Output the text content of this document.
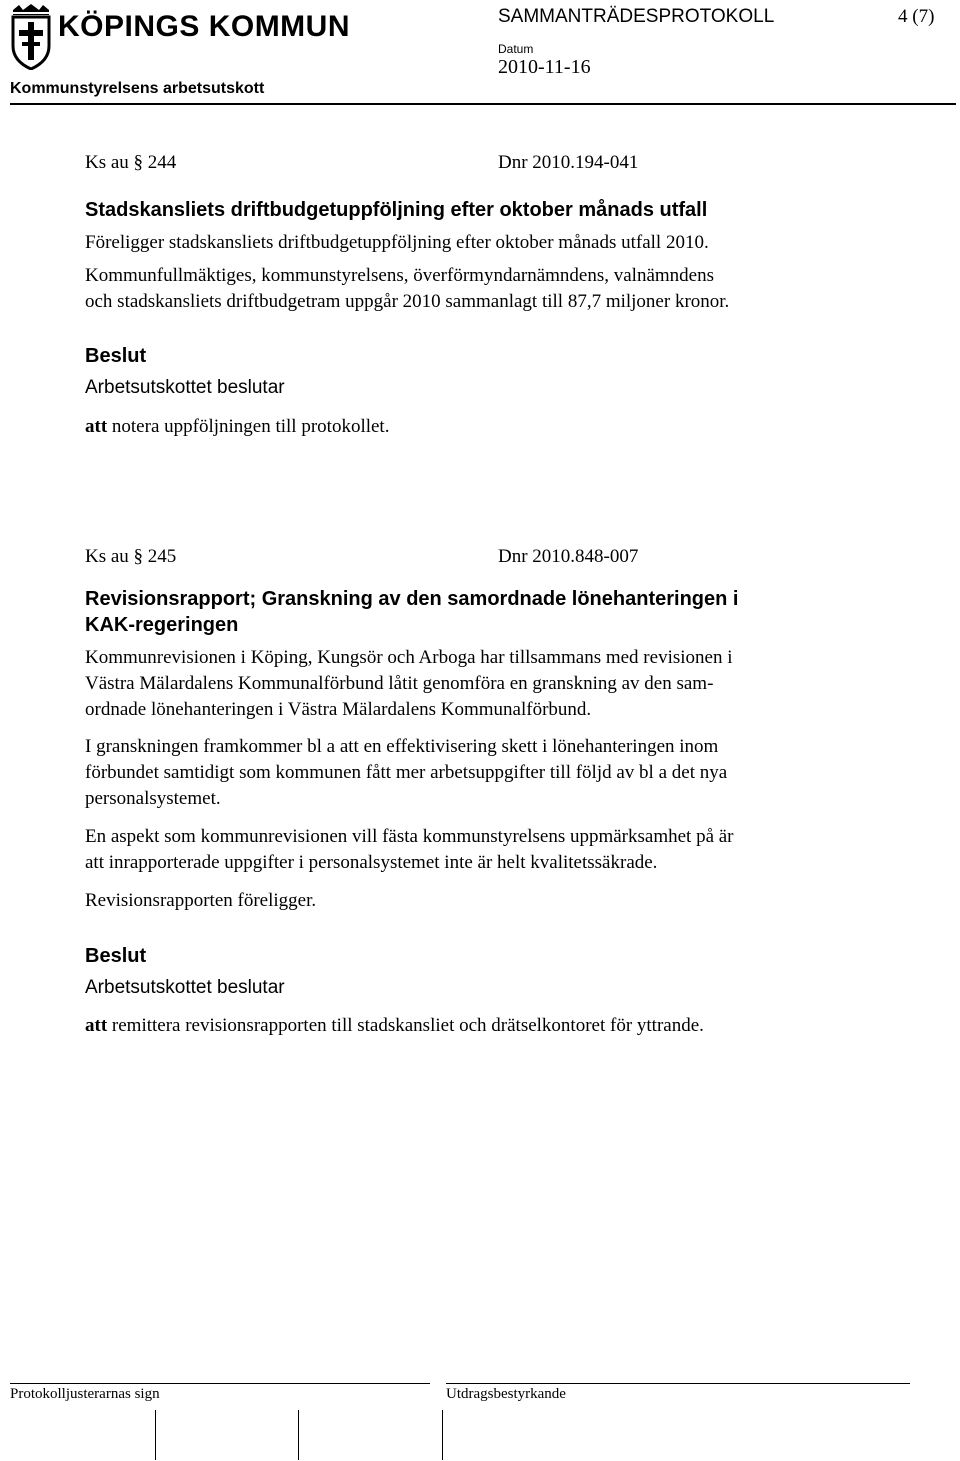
KÖPINGS KOMMUN	SAMMANTRÄDESPROTOKOLL	4 (7)
Datum
2010-11-16
Kommunstyrelsens arbetsutskott
Ks au § 244	Dnr 2010.194-041
Stadskansliets driftbudgetuppföljning efter oktober månads utfall
Föreligger stadskansliets driftbudgetuppföljning efter oktober månads utfall 2010.
Kommunfullmäktiges, kommunstyrelsens, överförmyndarnämndens, valnämndens
och stadskansliets driftbudgetram uppgår 2010 sammanlagt till 87,7 miljoner kronor.
Beslut
Arbetsutskottet beslutar
att notera uppföljningen till protokollet.
Ks au § 245	Dnr 2010.848-007
Revisionsrapport; Granskning av den samordnade lönehanteringen i
KAK-regeringen
Kommunrevisionen i Köping, Kungsör och Arboga har tillsammans med revisionen i
Västra Mälardalens Kommunalförbund låtit genomföra en granskning av den sam-
ordnade lönehanteringen i Västra Mälardalens Kommunalförbund.
I granskningen framkommer bl a att en effektivisering skett i lönehanteringen inom
förbundet samtidigt som kommunen fått mer arbetsuppgifter till följd av bl a det nya
personalsystemet.
En aspekt som kommunrevisionen vill fästa kommunstyrelsens uppmärksamhet på är
att inrapporterade uppgifter i personalsystemet inte är helt kvalitetssäkrade.
Revisionsrapporten föreligger.
Beslut
Arbetsutskottet beslutar
att remittera revisionsrapporten till stadskansliet och drätselkontoret för yttrande.
Protokolljusterarnas sign	Utdragsbestyrkande
